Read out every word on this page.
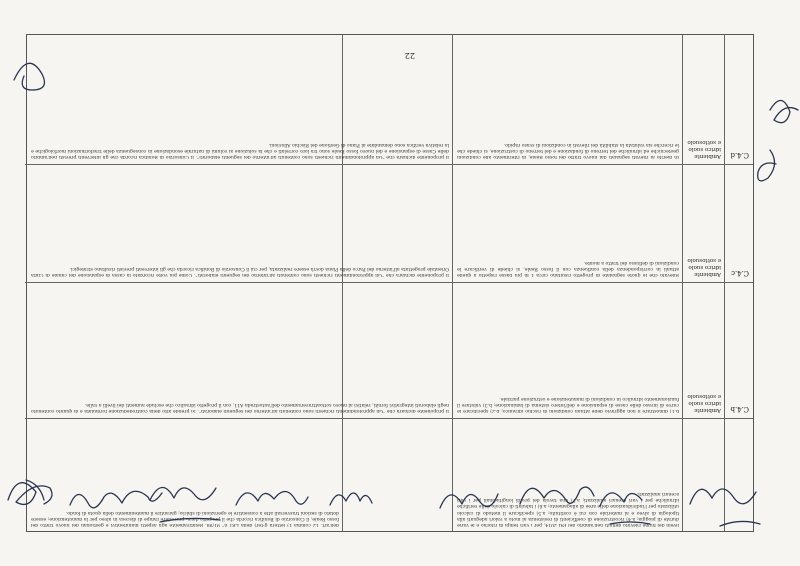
livelli del fiume rilevato definiti nell'ambito del PAI 2014, per i vari tempi di ritorno e le varie durate di pioggia; a.4) ricostruzione di coefficienti di resistenza al moto a valori adeguati alla tipologia di alveo e al materiale con cui è costituito; a.5) specificare il metodo di calcolo utilizzato per l'individuazione delle aree di allagamento; a.6) i tabulati di calcolo delle verifiche idrauliche per i vari scenari analizzati; a.7) una tavola dei profili longitudinali per i vari scenari analizzati.
dell'art. 12 comma 1) lettera g-ter) della LRT n° 91/98. Relativamente agli aspetti manutentivi e gestionali del nuovo tratto del fosso Reale, il Consorzio di Bonifica ricorda che il progetto deve: prevedere rampe di discesa in alveo per la manutenzione; essere dotato di sezioni trasversali atte a consentire le operazioni di sfalcio; garantire il mantenimento della quota di fondo.
C.4.b
Ambiente idrico suolo e sottosuolo
b.1) dimostrare il non aggravio delle attuali condizioni di rischio idraulico; b.2) specificare le curve di invaso delle casse di espansione e dell'intero sistema di laminazione; b.3) valutare il funzionamento idraulico in condizioni di manutenzione e ostruzione parziale.
Il proponente dichiara che "Gli approfondimenti richiesti sono contenuti all'interno dei seguenti elaborati". Si prende atto della controdeduzione formulata e di quanto contenuto negli elaborati integrativi forniti, relativi al nuovo sottoattraversamento dell'autostrada A11, con il progetto idraulico che esclude aumenti dei livelli a valle.
C.4.c
Ambiente idrico suolo e sottosuolo
Rilevato che le quote segnalate di progetto risultano circa 1 m più basse rispetto a quelle attuali in corrispondenza della confluenza con il fosso Reale, si chiede di verificare le condizioni di deflusso del tratto a monte.
Il proponente dichiara che "Gli approfondimenti richiesti sono contenuti all'interno dei seguenti elaborati". Come più volte ricordato la cassa di espansione del canale di Cinta Orientale progettata all'interno del Parco della Piana dovrà essere realizzata, per cui il Consorzio di Bonifica ricorda che gli interventi previsti risultano strategici.
C.4.d
Ambiente idrico suolo e sottosuolo
In merito ai rilevati segnalati dal nuovo tratto del fosso Reale, in riferimento alle condizioni geotecniche ed idrauliche del terreno di fondazione e del terreno di costruzione, si chiede che le ricerche sia valutata la stabilità dei rilevati in condizioni di svaso rapido.
Il proponente dichiara che "Gli approfondimenti richiesti sono contenuti all'interno dei seguenti elaborati". Il Consorzio di Bonifica ricorda che gli interventi previsti nell'ambito delle Casse di espansione e del nuovo fosso Reale sono tra loro correlati e che la soluzione ai volumi di naturale esondazione in conseguenza delle trasformazioni morfologiche e la relativa verifica sono demandate al Piano di Gestione del Rischio Alluvioni.
22
